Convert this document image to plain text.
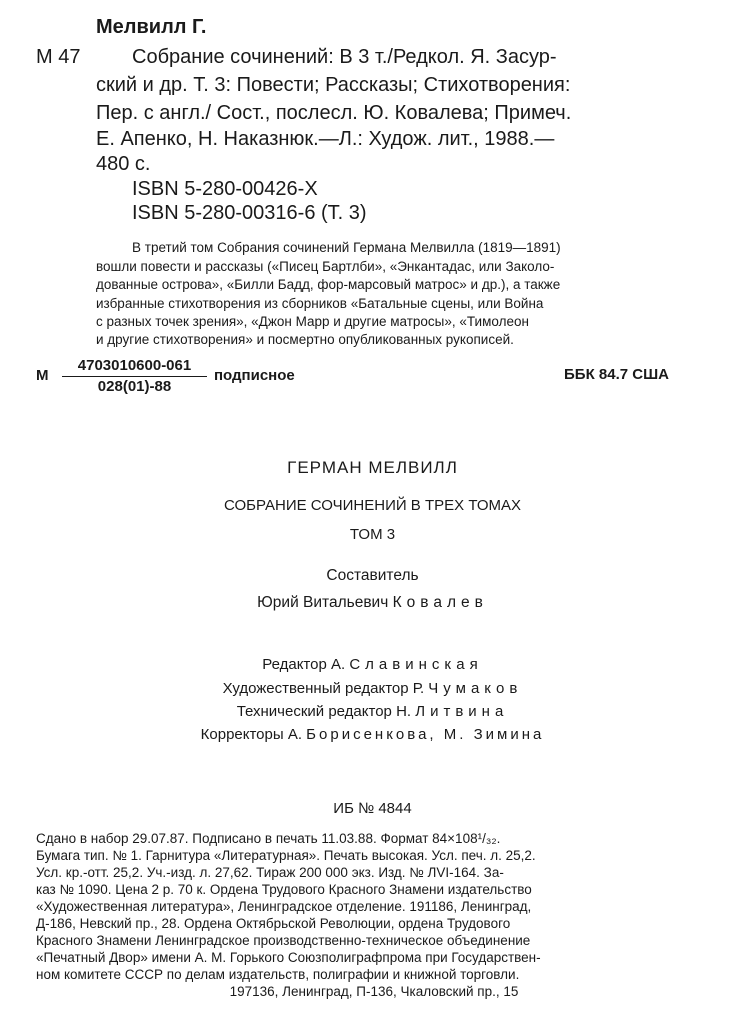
Мелвилл Г.
М 47	Собрание сочинений: В 3 т./Редкол. Я. Засур-
ский и др. Т. 3: Повести; Рассказы; Стихотворения:
Пер. с англ./ Сост., послесл. Ю. Ковалева; Примеч.
Е. Апенко, Н. Наказнюк.—Л.: Худож. лит., 1988.—
480 с.
ISBN 5-280-00426-X
ISBN 5-280-00316-6 (Т. 3)
В третий том Собрания сочинений Германа Мелвилла (1819—1891)
вошли повести и рассказы («Писец Бартлби», «Энкантадас, или Заколо-
дованные острова», «Билли Бадд, фор-марсовый матрос» и др.), а также
избранные стихотворения из сборников «Батальные сцены, или Война
с разных точек зрения», «Джон Марр и другие матросы», «Тимолеон
и другие стихотворения» и посмертно опубликованных рукописей.
М
4703010600-061
028(01)-88
подписное	ББК 84.7 США
ГЕРМАН МЕЛВИЛЛ
СОБРАНИЕ СОЧИНЕНИЙ В ТРЕХ ТОМАХ
ТОМ 3
Составитель
Юрий Витальевич Ковалев
Редактор А. Славинская
Художественный редактор Р. Чумаков
Технический редактор Н. Литвина
Корректоры А. Борисенкова, М. Зимина
ИБ № 4844
Сдано в набор 29.07.87. Подписано в печать 11.03.88. Формат 84×108¹/₃₂.
Бумага тип. № 1. Гарнитура «Литературная». Печать высокая. Усл. печ. л. 25,2.
Усл. кр.-отт. 25,2. Уч.-изд. л. 27,62. Тираж 200 000 экз. Изд. № ЛVI-164. За-
каз № 1090. Цена 2 р. 70 к. Ордена Трудового Красного Знамени издательство
«Художественная литература», Ленинградское отделение. 191186, Ленинград,
Д-186, Невский пр., 28. Ордена Октябрьской Революции, ордена Трудового
Красного Знамени Ленинградское производственно-техническое объединение
«Печатный Двор» имени А. М. Горького Союзполиграфпрома при Государствен-
ном комитете СССР по делам издательств, полиграфии и книжной торговли.
197136, Ленинград, П-136, Чкаловский пр., 15
